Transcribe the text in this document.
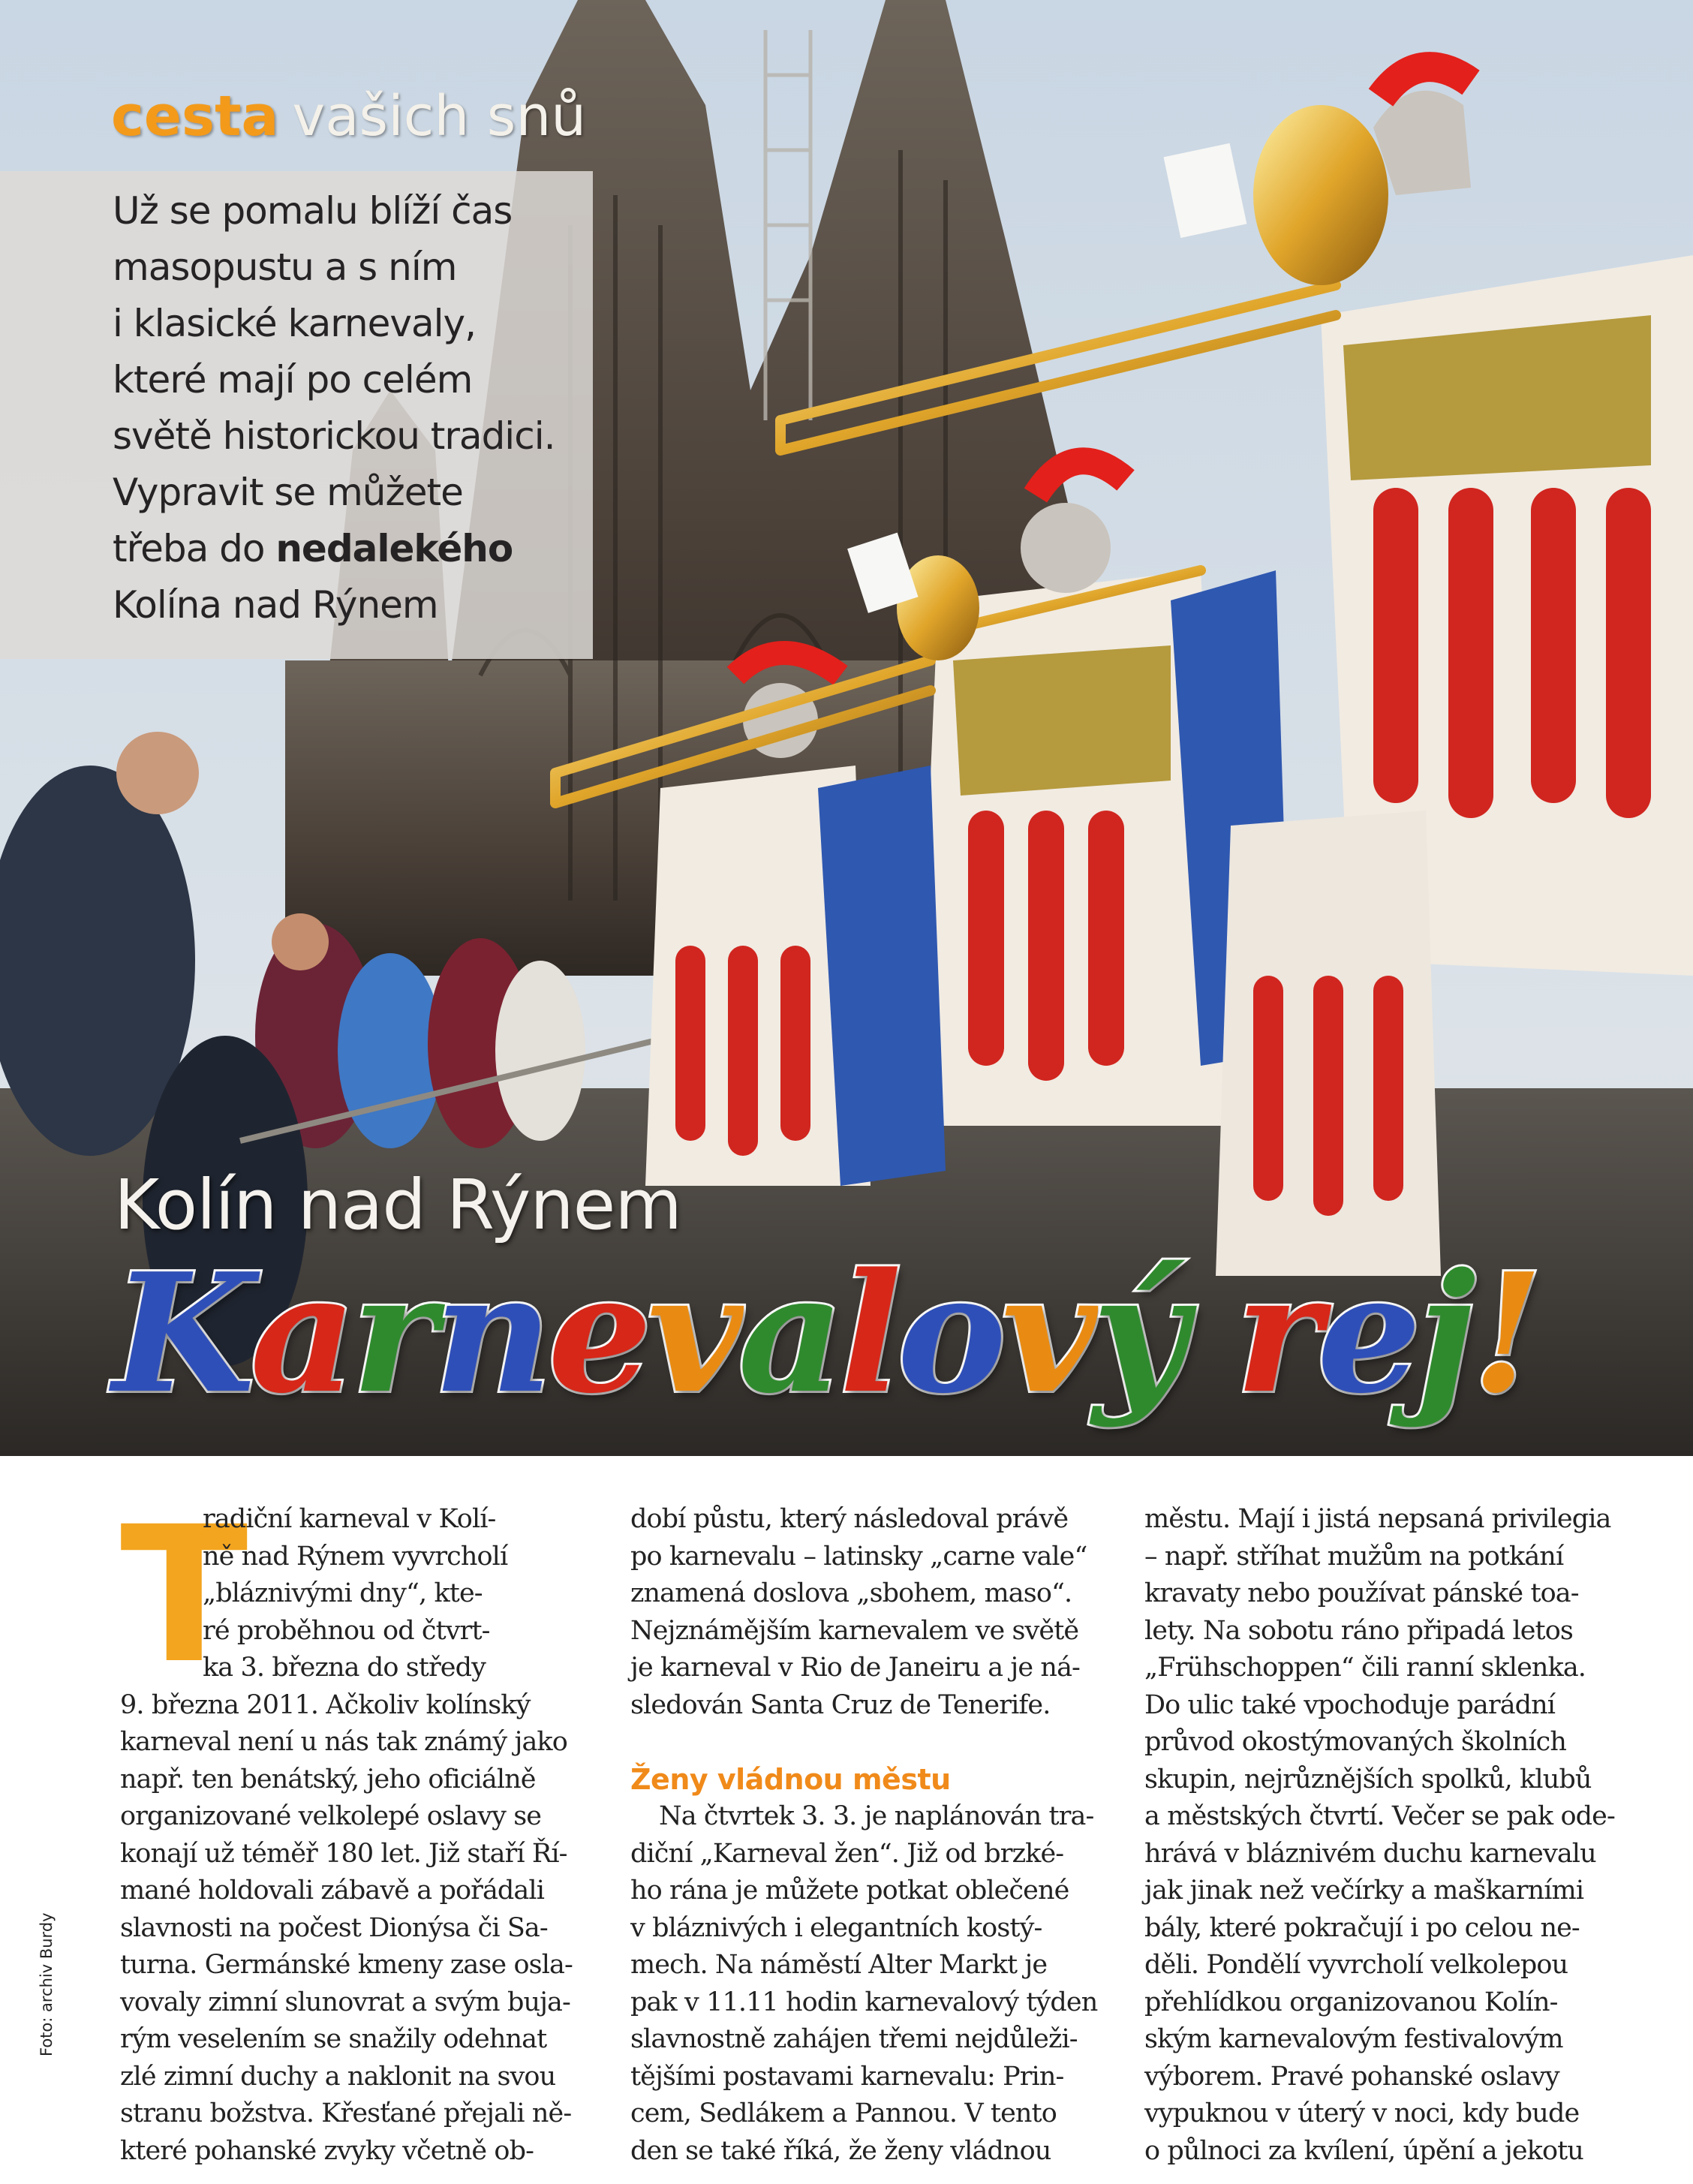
cesta vašich snů
Už se pomalu blíží čas
masopustu a s ním
i klasické karnevaly,
které mají po celém
světě historickou tradici.
Vypravit se můžete
třeba do nedalekého
Kolína nad Rýnem
Kolín nad Rýnem
Karnevalový rej!
Foto: archiv Burdy
T
radiční karneval v Kolí-
ně nad Rýnem vyvrcholí
„bláznivými dny“, kte-
ré proběhnou od čtvrt-
ka 3. března do středy
9. března 2011. Ačkoliv kolínský
karneval není u nás tak známý jako
např. ten benátský, jeho oficiálně
organizované velkolepé oslavy se
konají už téměř 180 let. Již staří Ří-
mané holdovali zábavě a pořádali
slavnosti na počest Dionýsa či Sa-
turna. Germánské kmeny zase osla-
vovaly zimní slunovrat a svým buja-
rým veselením se snažily odehnat
zlé zimní duchy a naklonit na svou
stranu božstva. Křesťané přejali ně-
které pohanské zvyky včetně ob-
dobí půstu, který následoval právě
po karnevalu – latinsky „carne vale“
znamená doslova „sbohem, maso“.
Nejznámějším karnevalem ve světě
je karneval v Rio de Janeiru a je ná-
sledován Santa Cruz de Tenerife.

Ženy vládnou městu
Na čtvrtek 3. 3. je naplánován tra-
diční „Karneval žen“. Již od brzké-
ho rána je můžete potkat oblečené
v bláznivých i elegantních kostý-
mech. Na náměstí Alter Markt je
pak v 11.11 hodin karnevalový týden
slavnostně zahájen třemi nejdůleži-
tějšími postavami karnevalu: Prin-
cem, Sedlákem a Pannou. V tento
den se také říká, že ženy vládnou
městu. Mají i jistá nepsaná privilegia
– např. stříhat mužům na potkání
kravaty nebo používat pánské toa-
lety. Na sobotu ráno připadá letos
„Frühschoppen“ čili ranní sklenka.
Do ulic také vpochoduje parádní
průvod okostýmovaných školních
skupin, nejrůznějších spolků, klubů
a městských čtvrtí. Večer se pak ode-
hrává v bláznivém duchu karnevalu
jak jinak než večírky a maškarními
bály, které pokračují i po celou ne-
děli. Pondělí vyvrcholí velkolepou
přehlídkou organizovanou Kolín-
ským karnevalovým festivalovým
výborem. Pravé pohanské oslavy
vypuknou v úterý v noci, kdy bude
o půlnoci za kvílení, úpění a jekotu
